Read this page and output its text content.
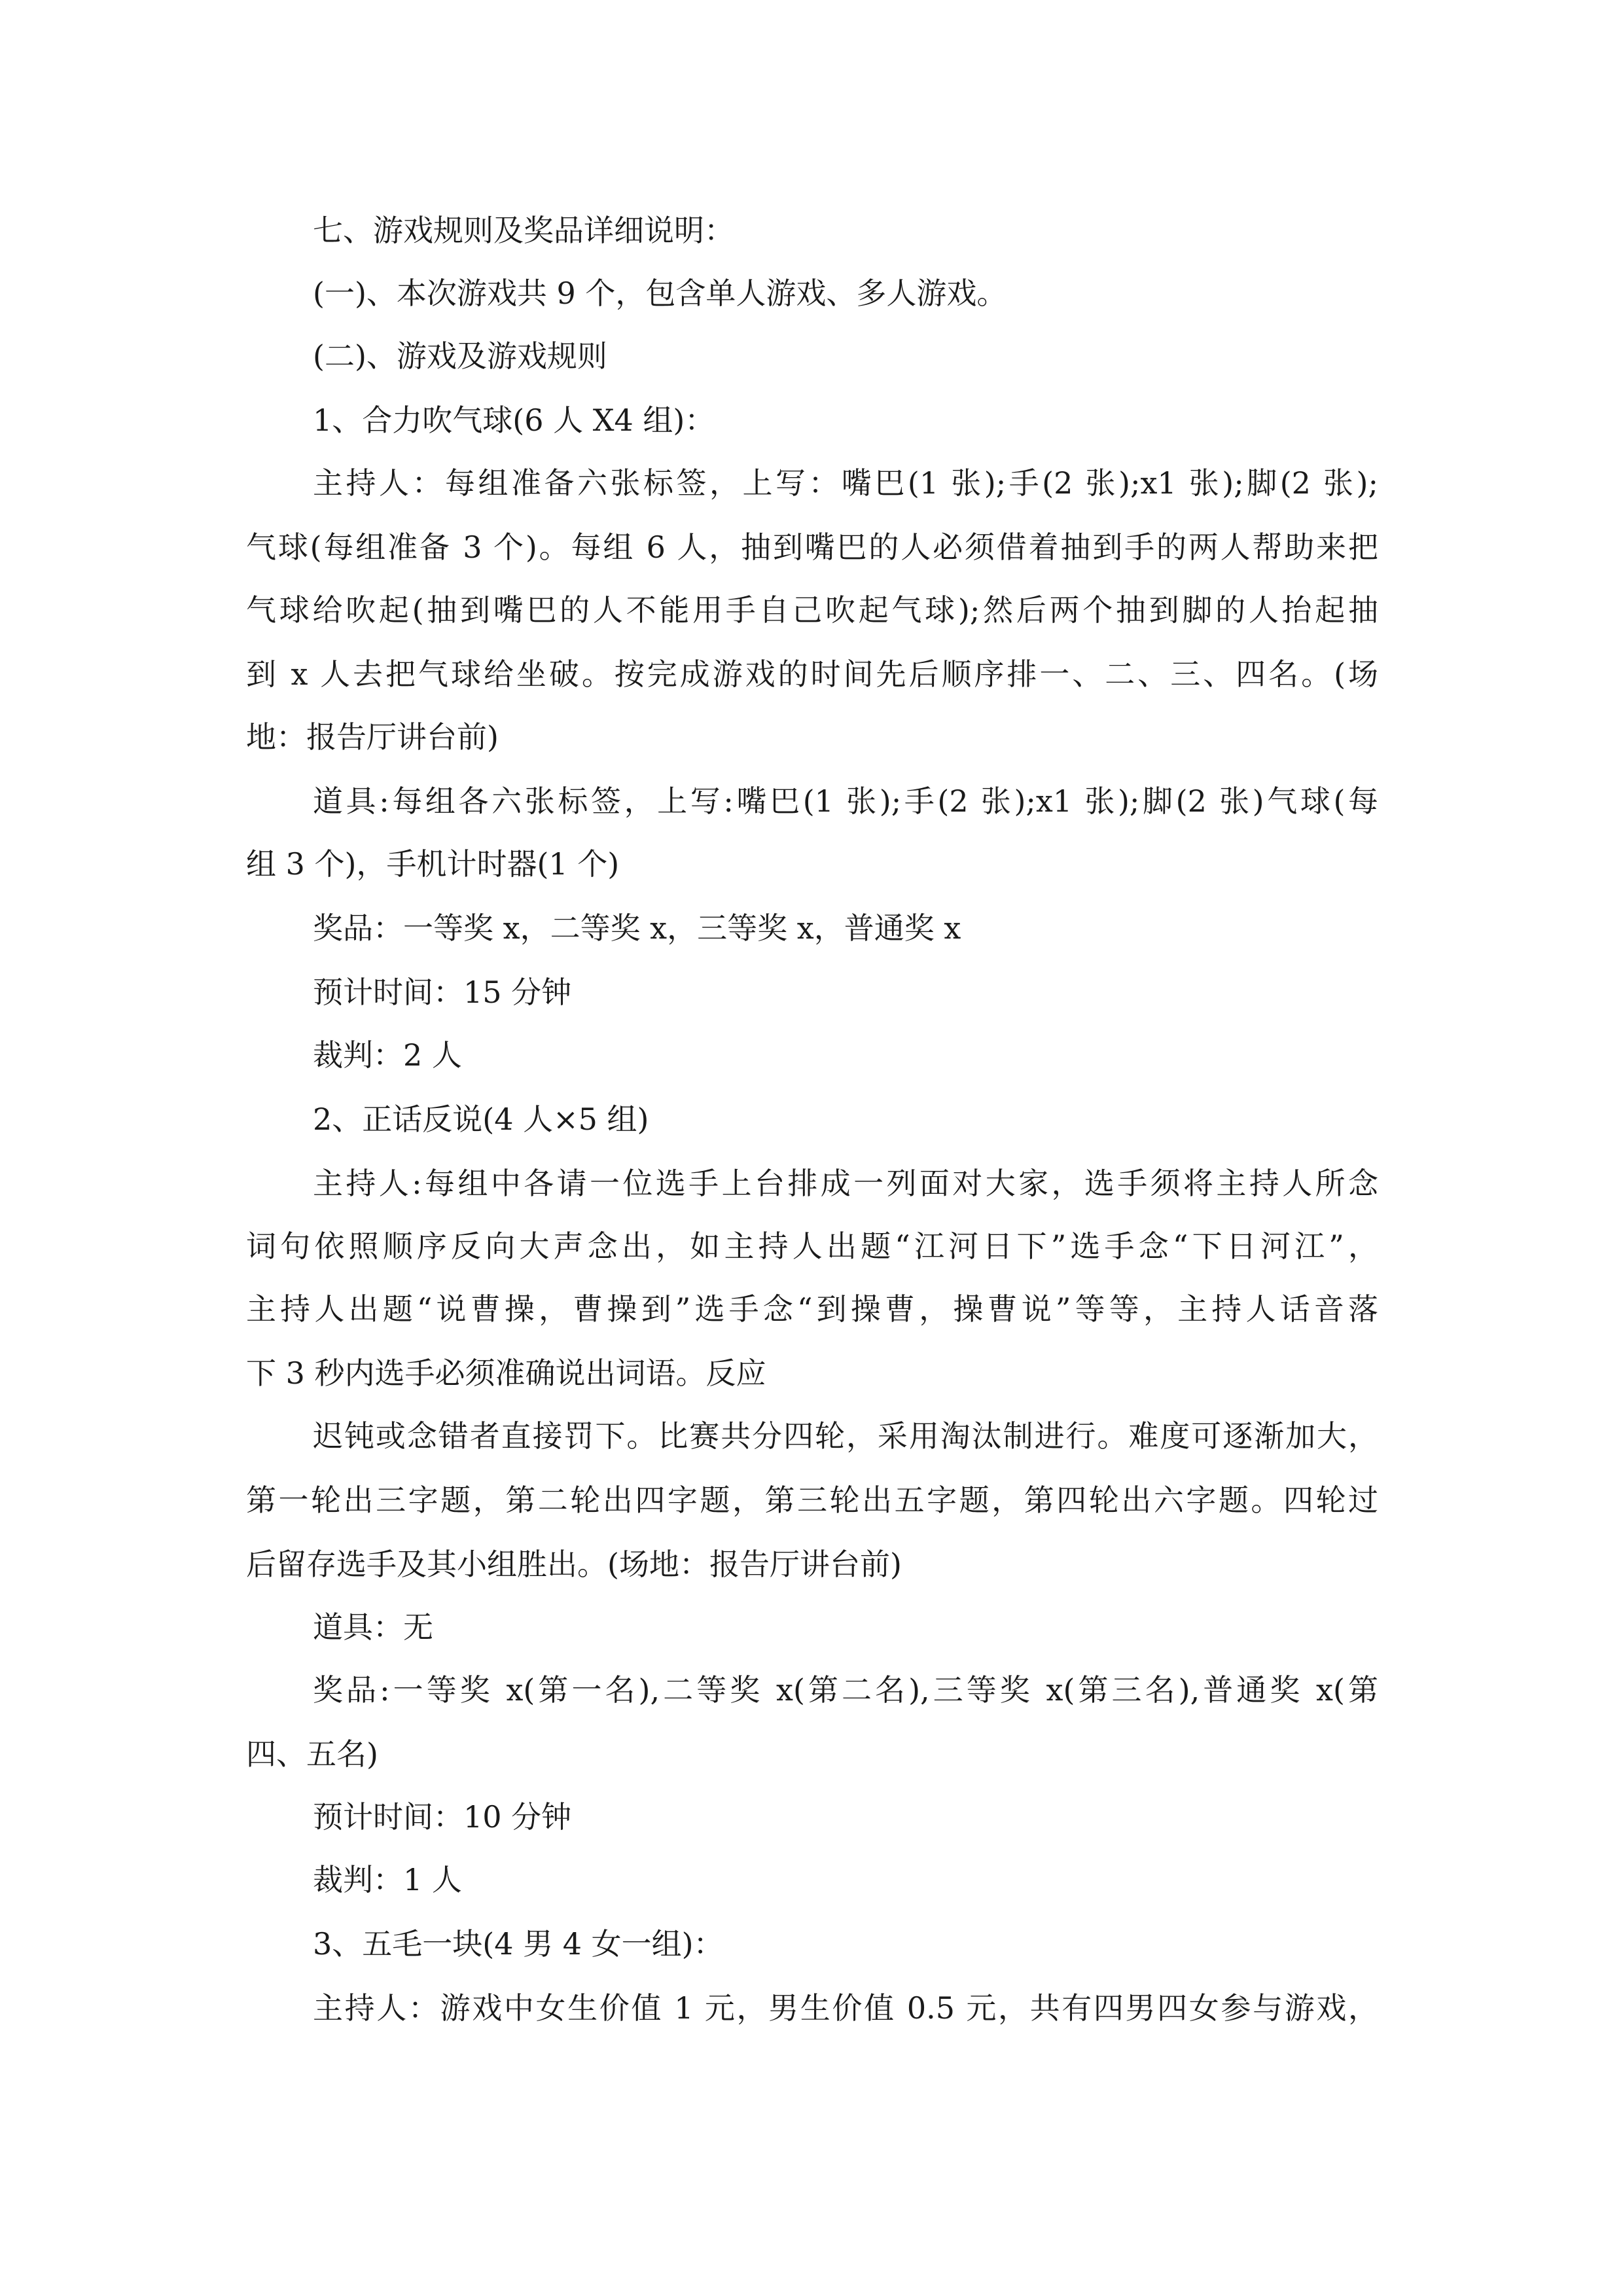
七、游戏规则及奖品详细说明：
(一)、本次游戏共 9 个，包含单人游戏、多人游戏。
(二)、游戏及游戏规则
1、合力吹气球(6 人 X4 组)：
主持人：每组准备六张标签，上写：嘴巴(1 张);手(2 张);x1 张);脚(2 张);
气球(每组准备 3 个)。每组 6 人，抽到嘴巴的人必须借着抽到手的两人帮助来把
气球给吹起(抽到嘴巴的人不能用手自己吹起气球);然后两个抽到脚的人抬起抽
到 x 人去把气球给坐破。按完成游戏的时间先后顺序排一、二、三、四名。(场
地：报告厅讲台前)
道具:每组各六张标签，上写:嘴巴(1 张);手(2 张);x1 张);脚(2 张)气球(每
组 3 个)，手机计时器(1 个)
奖品：一等奖 x，二等奖 x，三等奖 x，普通奖 x
预计时间：15 分钟
裁判：2 人
2、正话反说(4 人×5 组)
主持人:每组中各请一位选手上台排成一列面对大家，选手须将主持人所念
词句依照顺序反向大声念出，如主持人出题“江河日下”选手念“下日河江”，
主持人出题“说曹操，曹操到”选手念“到操曹，操曹说”等等，主持人话音落
下 3 秒内选手必须准确说出词语。反应
迟钝或念错者直接罚下。比赛共分四轮，采用淘汰制进行。难度可逐渐加大，
第一轮出三字题，第二轮出四字题，第三轮出五字题，第四轮出六字题。四轮过
后留存选手及其小组胜出。(场地：报告厅讲台前)
道具：无
奖品:一等奖 x(第一名),二等奖 x(第二名),三等奖 x(第三名),普通奖 x(第
四、五名)
预计时间：10 分钟
裁判：1 人
3、五毛一块(4 男 4 女一组)：
主持人：游戏中女生价值 1 元，男生价值 0.5 元，共有四男四女参与游戏，
